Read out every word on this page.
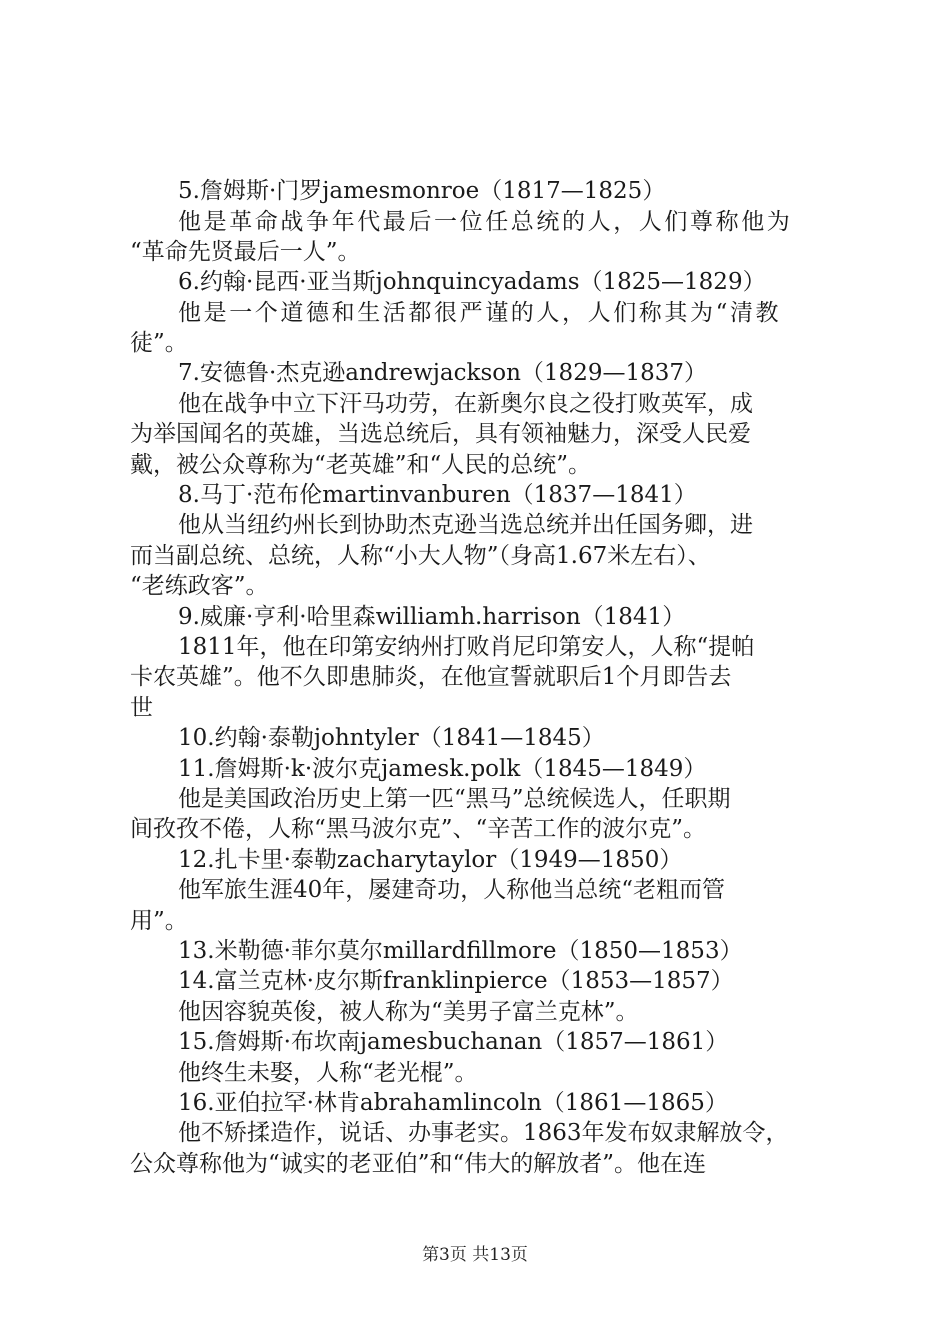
5.詹姆斯·门罗jamesmonroe（1817—1825）
他是革命战争年代最后一位任总统的人，人们尊称他为
“革命先贤最后一人”。
6.约翰·昆西·亚当斯johnquincyadams（1825—1829）
他是一个道德和生活都很严谨的人，人们称其为“清教
徒”。
7.安德鲁·杰克逊andrewjackson（1829—1837）
他在战争中立下汗马功劳，在新奥尔良之役打败英军，成
为举国闻名的英雄，当选总统后，具有领袖魅力，深受人民爱
戴，被公众尊称为“老英雄”和“人民的总统”。
8.马丁·范布伦martinvanburen（1837—1841）
他从当纽约州长到协助杰克逊当选总统并出任国务卿，进
而当副总统、总统，人称“小大人物”（身高1.67米左右）、
“老练政客”。
9.威廉·亨利·哈里森williamh.harrison（1841）
1811年，他在印第安纳州打败肖尼印第安人，人称“提帕
卡农英雄”。他不久即患肺炎，在他宣誓就职后1个月即告去
世
10.约翰·泰勒johntyler（1841—1845）
11.詹姆斯·k·波尔克jamesk.polk（1845—1849）
他是美国政治历史上第一匹“黑马”总统候选人，任职期
间孜孜不倦，人称“黑马波尔克”、“辛苦工作的波尔克”。
12.扎卡里·泰勒zacharytaylor（1949—1850）
他军旅生涯40年，屡建奇功，人称他当总统“老粗而管
用”。
13.米勒德·菲尔莫尔millardfillmore（1850—1853）
14.富兰克林·皮尔斯franklinpierce（1853—1857）
他因容貌英俊，被人称为“美男子富兰克林”。
15.詹姆斯·布坎南jamesbuchanan（1857—1861）
他终生未娶，人称“老光棍”。
16.亚伯拉罕·林肯abrahamlincoln（1861—1865）
他不矫揉造作，说话、办事老实。1863年发布奴隶解放令，
公众尊称他为“诚实的老亚伯”和“伟大的解放者”。他在连
第3页 共13页
